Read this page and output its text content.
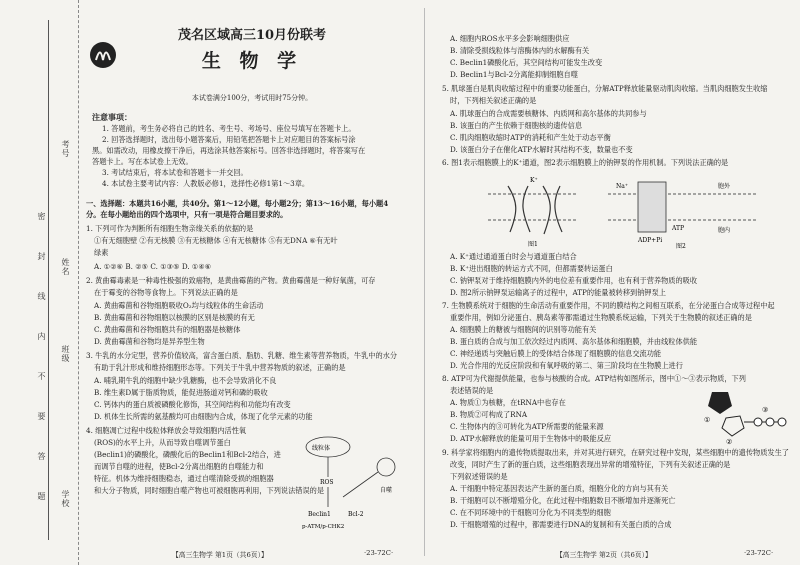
考号
姓名
班级
学校
密
封
线
内
不
要
答
题
茂名区域高三10月份联考
生 物 学
本试卷满分100分，考试用时75分钟。
注意事项：
1. 答题前，考生务必将自己的姓名、考生号、考场号、座位号填写在答题卡上。
2. 回答选择题时，选出每小题答案后，用铅笔把答题卡上对应题目的答案标号涂
黑。如需改动，用橡皮擦干净后，再选涂其他答案标号。回答非选择题时，将答案写在
答题卡上。写在本试卷上无效。
3. 考试结束后，将本试卷和答题卡一并交回。
4. 本试卷主要考试内容：人教版必修1，选择性必修1第1～3章。
一、选择题：本题共16小题，共40分。第1～12小题，每小题2分；第13～16小题，每小题4
分。在每小题给出的四个选项中，只有一项是符合题目要求的。
1. 下列可作为判断所有细胞生物亲缘关系的依据的是
①有无细胞壁 ②有无核膜 ③有无核糖体 ④有无核糖体 ⑤有无DNA ⑥有无叶
绿素
A. ①②⑥ B. ②⑤ C. ①③⑤ D. ①④⑥
2. 黄曲霉毒素是一种毒性极强的致癌物，是黄曲霉菌的产物。黄曲霉菌是一种好氧菌，可存
在于霉变的谷物等食物上。下列说法正确的是
A. 黄曲霉菌和谷物细胞吸收O₂均与线粒体的生命活动
B. 黄曲霉菌和谷物细胞以核膜的区别是核膜的有无
C. 黄曲霉菌和谷物细胞共有的细胞器是核糖体
D. 黄曲霉菌和谷物均是异养型生物
3. 牛乳的水分定型，营养价值较高，富含蛋白质、脂肪、乳糖、维生素等营养物质，牛乳中的水分
有助于乳汁形成和维持细胞形态等。下列关于牛乳中营养物质的叙述，正确的是
A. 哺乳期牛乳的细胞中缺少乳糖酶，也不会导致消化不良
B. 维生素D属于脂质物质，能促进肠道对钙和磷的吸收
C. 钙体内的蛋白质被磷酸化修饰，其空间结构和功能均有改变
D. 机体生长所需的氨基酸均可由细胞内合成，体现了化学元素的功能
4. 细胞凋亡过程中线粒体释放会导致细胞内活性氧
(ROS)的水平上升，从而导致自噬调节蛋白
(Beclin1)的磷酸化，磷酸化后的Beclin1和Bcl-2结合，进
而调节自噬的进程，使Bcl-2分离出细胞的自噬能力和
特征。机体为维持细胞稳态，通过自噬清除受损的细胞器
和大分子物质，同时细胞自噬产物也可被细胞再利用，下列说法错误的是
线粒体
ROS
Beclin1	Bcl-2
自噬
p-ATM/p-CHK2
【高三生物学 第1页（共6页）】	·23-72C·
A. 细胞内ROS水平多会影响细胞供应
B. 清除受损线粒体与溶酶体内的水解酶有关
C. Beclin1磷酸化后，其空间结构可能发生改变
D. Beclin1与Bcl-2分离能抑制细胞自噬
5. 肌球蛋白是肌肉收缩过程中的重要功能蛋白，分解ATP释放能量驱动肌肉收缩。当肌肉细胞发生收缩
时，下列相关叙述正确的是
A. 肌球蛋白的合成需要核糖体、内质网和高尔基体的共同参与
B. 该蛋白的产生依赖于细胞核的遗传信息
C. 肌肉细胞收缩时ATP的消耗和产生处于动态平衡
D. 该蛋白分子在催化ATP水解时其结构不变，数量也不变
6. 图1表示细胞膜上的K⁺通道，图2表示细胞膜上的钠钾泵的作用机制。下列说法正确的是
K⁺
图1
Na⁺
ATP
ADP+Pi
胞外
胞内
图2
A. K⁺通过通道蛋白时会与通道蛋白结合
B. K⁺进出细胞的转运方式不同，但都需要转运蛋白
C. 钠钾泵对于维持细胞膜内外的电位差有重要作用，也有利于营养物质的吸收
D. 图2所示钠钾泵运输离子的过程中，ATP的能量被转移到钠钾泵上
7. 生物膜系统对于细胞的生命活动有重要作用，不同的膜结构之间相互联系，在分泌蛋白合成等过程中起
重要作用，例如分泌蛋白、胰岛素等都需通过生物膜系统运输，下列关于生物膜的叙述正确的是
A. 细胞膜上的糖被与细胞间的识别等功能有关
B. 蛋白质的合成与加工依次经过内质网、高尔基体和细胞膜，并由线粒体供能
C. 神经递质与突触后膜上的受体结合体现了细胞膜的信息交流功能
D. 光合作用的光反应阶段和有氧呼吸的第二、第三阶段均在生物膜上进行
8. ATP可为代谢提供能量，也参与核酸的合成。ATP结构如图所示，图中①～③表示物质，下列
表述错误的是
A. 物质①为核糖，在tRNA中也存在
B. 物质②可构成了RNA
C. 生物体内的③可转化为ATP所需要的能量来源
D. ATP水解释放的能量可用于生物体中的吸能反应
①
②
③
9. 科学家将细胞内的遗传物质提取出来，并对其进行研究，在研究过程中发现，某些细胞中的遗传物质发生了
改变，同时产生了新的蛋白质，这些细胞表现出异常的增殖特征，下列有关叙述正确的是
下列叙述错误的是
A. 干细胞中特定基因表达产生新的蛋白质，细胞分化的方向与其有关
B. 干细胞可以不断增殖分化，在此过程中细胞数目不断增加并逐渐死亡
C. 在不同环境中的干细胞可分化为不同类型的细胞
D. 干细胞增殖的过程中，都需要进行DNA的复制和有关蛋白质的合成
【高三生物学 第2页（共6页）】	·23-72C·
